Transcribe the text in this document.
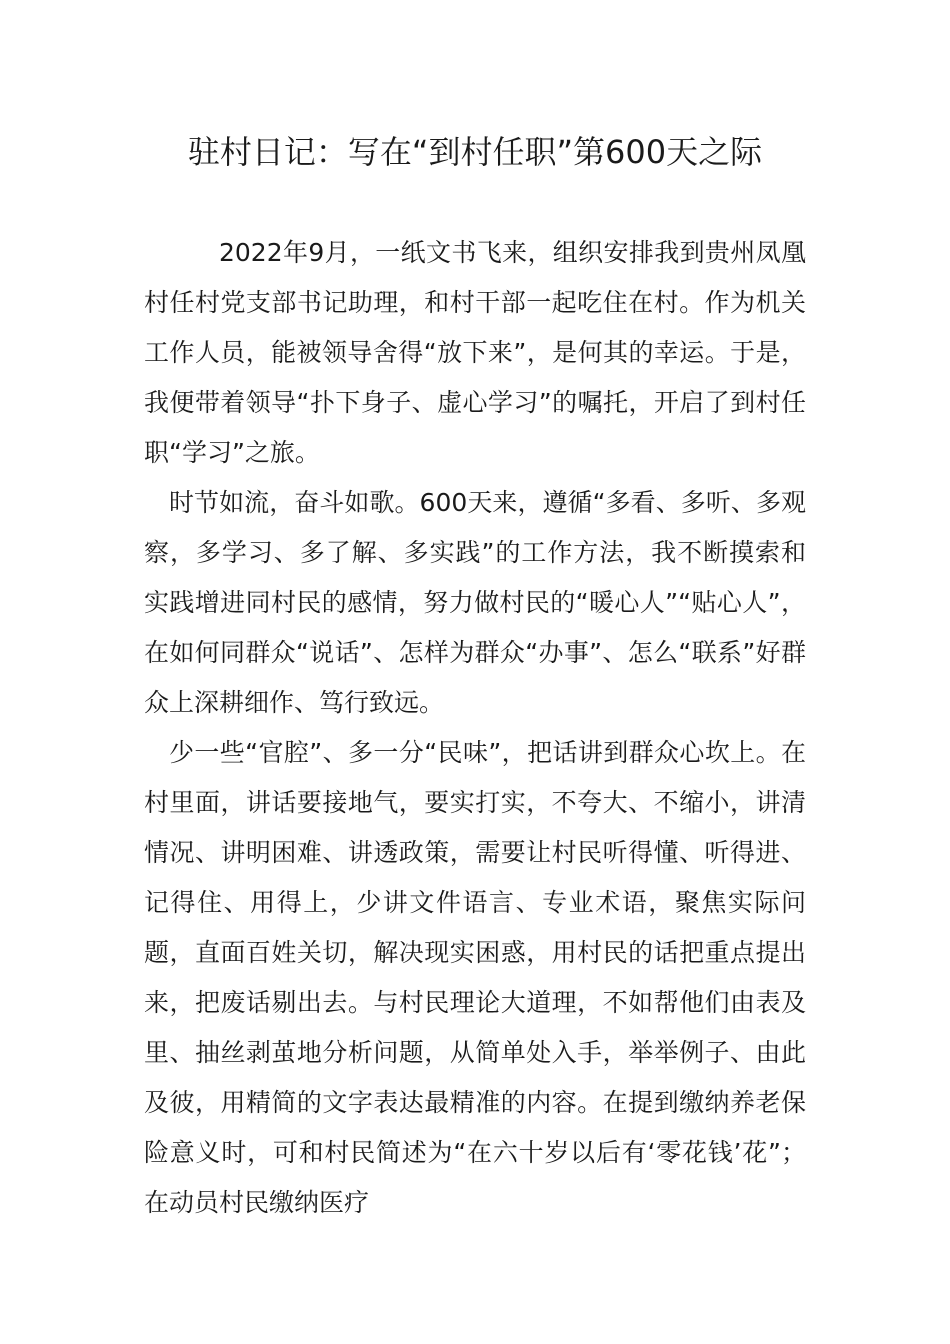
驻村日记：写在“到村任职”第600天之际

2022年9月，一纸文书飞来，组织安排我到贵州凤凰村任村党支部书记助理，和村干部一起吃住在村。作为机关工作人员，能被领导舍得“放下来”，是何其的幸运。于是，我便带着领导“扑下身子、虚心学习”的嘱托，开启了到村任职“学习”之旅。

时节如流，奋斗如歌。600天来，遵循“多看、多听、多观察，多学习、多了解、多实践”的工作方法，我不断摸索和实践增进同村民的感情，努力做村民的“暖心人”“贴心人”，在如何同群众“说话”、怎样为群众“办事”、怎么“联系”好群众上深耕细作、笃行致远。

少一些“官腔”、多一分“民味”，把话讲到群众心坎上。在村里面，讲话要接地气，要实打实，不夸大、不缩小，讲清情况、讲明困难、讲透政策，需要让村民听得懂、听得进、记得住、用得上，少讲文件语言、专业术语，聚焦实际问题，直面百姓关切，解决现实困惑，用村民的话把重点提出来，把废话剔出去。与村民理论大道理，不如帮他们由表及里、抽丝剥茧地分析问题，从简单处入手，举举例子、由此及彼，用精简的文字表达最精准的内容。在提到缴纳养老保险意义时，可和村民简述为“在六十岁以后有‘零花钱’花”；在动员村民缴纳医疗
